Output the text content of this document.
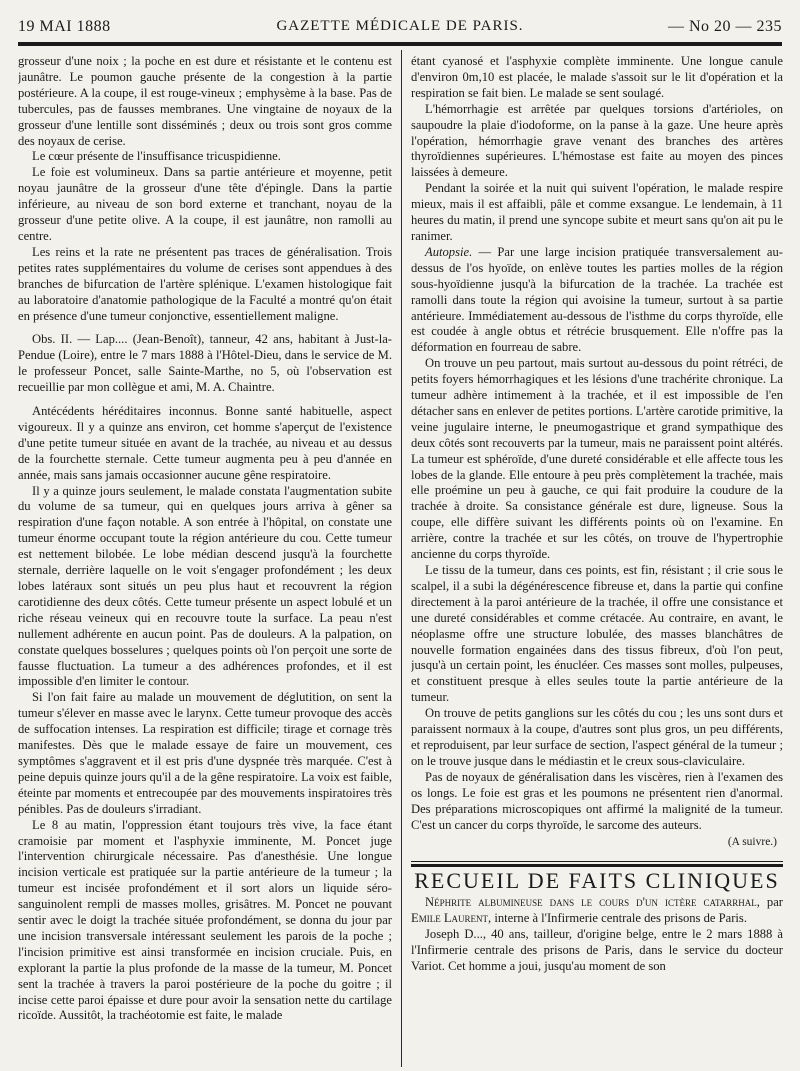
19 MAI 1888	GAZETTE MÉDICALE DE PARIS.	— No 20 — 235

grosseur d'une noix ; la poche en est dure et résistante et le contenu est jaunâtre. Le poumon gauche présente de la congestion à la partie postérieure. A la coupe, il est rouge-vineux ; emphysème à la base. Pas de tubercules, pas de fausses membranes. Une vingtaine de noyaux de la grosseur d'une lentille sont disséminés ; deux ou trois sont gros comme des noyaux de cerise.

Le cœur présente de l'insuffisance tricuspidienne.

Le foie est volumineux. Dans sa partie antérieure et moyenne, petit noyau jaunâtre de la grosseur d'une tête d'épingle. Dans la partie inférieure, au niveau de son bord externe et tranchant, noyau de la grosseur d'une petite olive. A la coupe, il est jaunâtre, non ramolli au centre.

Les reins et la rate ne présentent pas traces de généralisation. Trois petites rates supplémentaires du volume de cerises sont appendues à des branches de bifurcation de l'artère splénique. L'examen histologique fait au laboratoire d'anatomie pathologique de la Faculté a montré qu'on était en présence d'une tumeur conjonctive, essentiellement maligne.

Obs. II. — Lap.... (Jean-Benoît), tanneur, 42 ans, habitant à Just-la-Pendue (Loire), entre le 7 mars 1888 à l'Hôtel-Dieu, dans le service de M. le professeur Poncet, salle Sainte-Marthe, no 5, où l'observation est recueillie par mon collègue et ami, M. A. Chaintre.

Antécédents héréditaires inconnus. Bonne santé habituelle, aspect vigoureux. Il y a quinze ans environ, cet homme s'aperçut de l'existence d'une petite tumeur située en avant de la trachée, au niveau et au dessus de la fourchette sternale. Cette tumeur augmenta peu à peu d'année en année, mais sans jamais occasionner aucune gêne respiratoire.

Il y a quinze jours seulement, le malade constata l'augmentation subite du volume de sa tumeur, qui en quelques jours arriva à gêner sa respiration d'une façon notable. A son entrée à l'hôpital, on constate une tumeur énorme occupant toute la région antérieure du cou. Cette tumeur est nettement bilobée. Le lobe médian descend jusqu'à la fourchette sternale, derrière laquelle on le voit s'engager profondément ; les deux lobes latéraux sont situés un peu plus haut et recouvrent la région carotidienne des deux côtés. Cette tumeur présente un aspect lobulé et un riche réseau veineux qui en recouvre toute la surface. La peau n'est nullement adhérente en aucun point. Pas de douleurs. A la palpation, on constate quelques bosselures ; quelques points où l'on perçoit une sorte de fausse fluctuation. La tumeur a des adhérences profondes, et il est impossible d'en limiter le contour.

Si l'on fait faire au malade un mouvement de déglutition, on sent la tumeur s'élever en masse avec le larynx. Cette tumeur provoque des accès de suffocation intenses. La respiration est difficile; tirage et cornage très manifestes. Dès que le malade essaye de faire un mouvement, ces symptômes s'aggravent et il est pris d'une dyspnée très marquée. C'est à peine depuis quinze jours qu'il a de la gêne respiratoire. La voix est faible, éteinte par moments et entrecoupée par des mouvements inspiratoires très pénibles. Pas de douleurs s'irradiant.

Le 8 au matin, l'oppression étant toujours très vive, la face étant cramoisie par moment et l'asphyxie imminente, M. Poncet juge l'intervention chirurgicale nécessaire. Pas d'anesthésie. Une longue incision verticale est pratiquée sur la partie antérieure de la tumeur ; la tumeur est incisée profondément et il sort alors un liquide séro-sanguinolent rempli de masses molles, grisâtres. M. Poncet ne pouvant sentir avec le doigt la trachée située profondément, se donna du jour par une incision transversale intéressant seulement les parois de la poche ; l'incision primitive est ainsi transformée en incision cruciale. Puis, en explorant la partie la plus profonde de la masse de la tumeur, M. Poncet sent la trachée à travers la paroi postérieure de la poche du goitre ; il incise cette paroi épaisse et dure pour avoir la sensation nette du cartilage ricoïde. Aussitôt, la trachéotomie est faite, le malade

étant cyanosé et l'asphyxie complète imminente. Une longue canule d'environ 0m,10 est placée, le malade s'assoit sur le lit d'opération et la respiration se fait bien. Le malade se sent soulagé.

L'hémorrhagie est arrêtée par quelques torsions d'artérioles, on saupoudre la plaie d'iodoforme, on la panse à la gaze. Une heure après l'opération, hémorrhagie grave venant des branches des artères thyroïdiennes supérieures. L'hémostase est faite au moyen des pinces laissées à demeure.

Pendant la soirée et la nuit qui suivent l'opération, le malade respire mieux, mais il est affaibli, pâle et comme exsangue. Le lendemain, à 11 heures du matin, il prend une syncope subite et meurt sans qu'on ait pu le ranimer.

Autopsie. — Par une large incision pratiquée transversalement au-dessus de l'os hyoïde, on enlève toutes les parties molles de la région sous-hyoïdienne jusqu'à la bifurcation de la trachée. La trachée est ramolli dans toute la région qui avoisine la tumeur, surtout à sa partie antérieure. Immédiatement au-dessous de l'isthme du corps thyroïde, elle est coudée à angle obtus et rétrécie brusquement. Elle n'offre pas la déformation en fourreau de sabre.

On trouve un peu partout, mais surtout au-dessous du point rétréci, de petits foyers hémorrhagiques et les lésions d'une trachérite chronique. La tumeur adhère intimement à la trachée, et il est impossible de l'en détacher sans en enlever de petites portions. L'artère carotide primitive, la veine jugulaire interne, le pneumogastrique et grand sympathique des deux côtés sont recouverts par la tumeur, mais ne paraissent point altérés. La tumeur est sphéroïde, d'une dureté considérable et elle affecte tous les lobes de la glande. Elle entoure à peu près complètement la trachée, mais elle proémine un peu à gauche, ce qui fait produire la coudure de la trachée à droite. Sa consistance générale est dure, ligneuse. Sous la coupe, elle diffère suivant les différents points où on l'examine. En arrière, contre la trachée et sur les côtés, on trouve de l'hypertrophie ancienne du corps thyroïde.

Le tissu de la tumeur, dans ces points, est fin, résistant ; il crie sous le scalpel, il a subi la dégénérescence fibreuse et, dans la partie qui confine directement à la paroi antérieure de la trachée, il offre une consistance et une dureté considérables et comme crétacée. Au contraire, en avant, le néoplasme offre une structure lobulée, des masses blanchâtres de nouvelle formation engainées dans des tissus fibreux, d'où l'on peut, jusqu'à un certain point, les énucléer. Ces masses sont molles, pulpeuses, et constituent presque à elles seules toute la partie antérieure de la tumeur.

On trouve de petits ganglions sur les côtés du cou ; les uns sont durs et paraissent normaux à la coupe, d'autres sont plus gros, un peu différents, et reproduisent, par leur surface de section, l'aspect général de la tumeur ; on le trouve jusque dans le médiastin et le creux sous-claviculaire.

Pas de noyaux de généralisation dans les viscères, rien à l'examen des os longs. Le foie est gras et les poumons ne présentent rien d'anormal. Des préparations microscopiques ont affirmé la malignité de la tumeur. C'est un cancer du corps thyroïde, le sarcome des auteurs.

(A suivre.)
RECUEIL DE FAITS CLINIQUES

Néphrite albumineuse dans le cours d'un ictère catarrhal, par Emile Laurent, interne à l'Infirmerie centrale des prisons de Paris.

Joseph D..., 40 ans, tailleur, d'origine belge, entre le 2 mars 1888 à l'Infirmerie centrale des prisons de Paris, dans le service du docteur Variot. Cet homme a joui, jusqu'au moment de son
